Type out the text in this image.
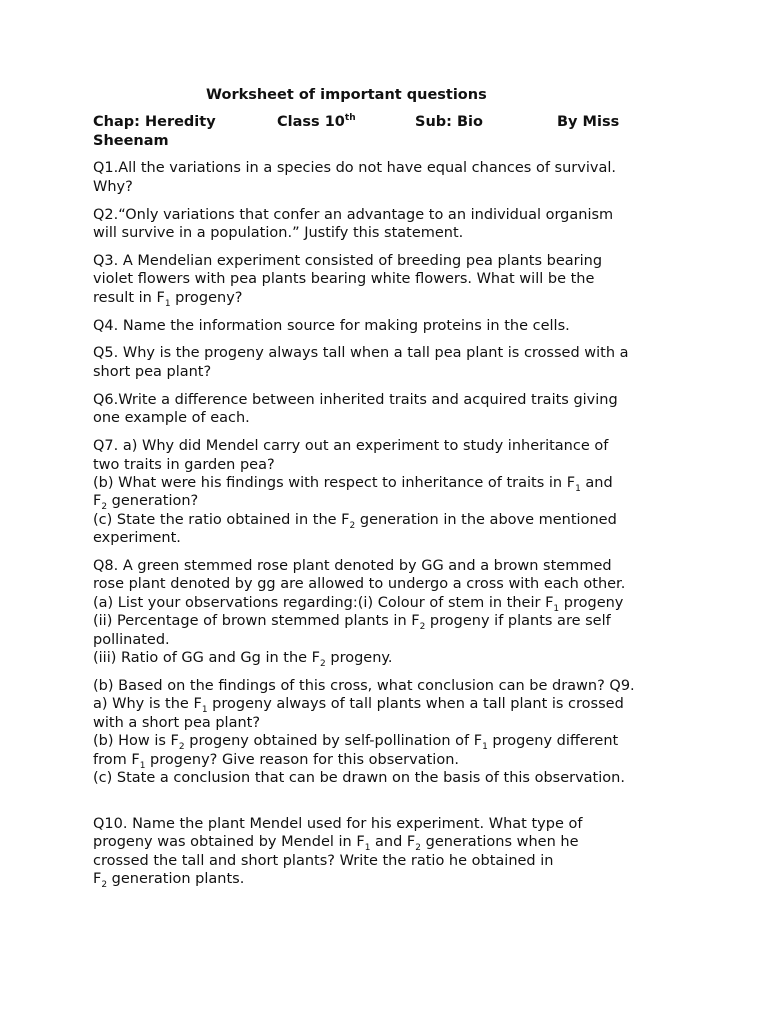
Worksheet of important questions
Chap: Heredity	Class 10th	Sub: Bio	By Miss
Sheenam
Q1.All the variations in a species do not have equal chances of survival.
Why?
Q2.“Only variations that confer an advantage to an individual organism
will survive in a population.” Justify this statement.
Q3. A Mendelian experiment consisted of breeding pea plants bearing
violet flowers with pea plants bearing white flowers. What will be the
result in $F_1$ progeny?
Q4. Name the information source for making proteins in the cells.
Q5. Why is the progeny always tall when a tall pea plant is crossed with a
short pea plant?
Q6.Write a difference between inherited traits and acquired traits giving
one example of each.
Q7. a) Why did Mendel carry out an experiment to study inheritance of
two traits in garden pea?
(b) What were his findings with respect to inheritance of traits in $F_1$ and
$F_2$ generation?
(c) State the ratio obtained in the $F_2$ generation in the above mentioned
experiment.
Q8. A green stemmed rose plant denoted by GG and a brown stemmed
rose plant denoted by gg are allowed to undergo a cross with each other.
(a) List your observations regarding:(i) Colour of stem in their $F_1$ progeny
(ii) Percentage of brown stemmed plants in $F_2$ progeny if plants are self
pollinated.
(iii) Ratio of GG and Gg in the $F_2$ progeny.
(b) Based on the findings of this cross, what conclusion can be drawn? Q9.
a) Why is the $F_1$ progeny always of tall plants when a tall plant is crossed
with a short pea plant?
(b) How is $F_2$ progeny obtained by self-pollination of $F_1$ progeny different
from $F_1$ progeny? Give reason for this observation.
(c) State a conclusion that can be drawn on the basis of this observation.
Q10. Name the plant Mendel used for his experiment. What type of
progeny was obtained by Mendel in $F_1$ and $F_2$ generations when he
crossed the tall and short plants? Write the ratio he obtained in
$F_2$ generation plants.
